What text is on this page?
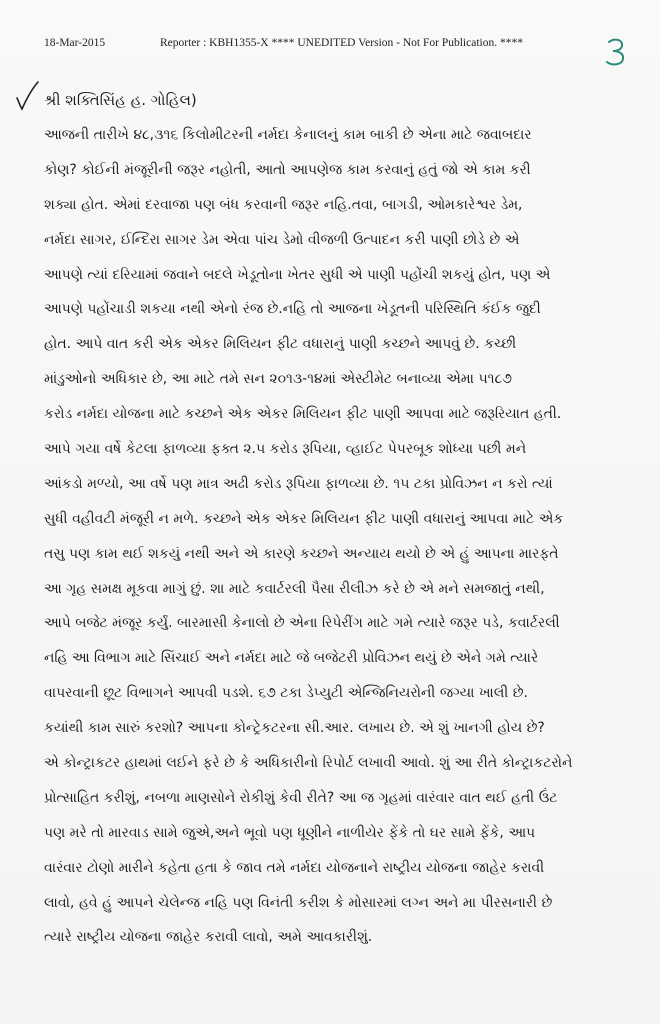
18-Mar-2015	Reporter : KBH1355-X **** UNEDITED Version - Not For Publication. ****
શ્રી શક્તિસિંહ હ. ગોહિલ)
આજની તારીખે ૪૮,૩૧૬ કિલોમીટરની નર્મદા કેનાલનું કામ બાકી છે એના માટે જવાબદાર
કોણ? કોઈની મંજૂરીની જરૂર નહોતી, આતો આપણેજ કામ કરવાનું હતું જો એ કામ કરી
શક્યા હોત. એમાં દરવાજા પણ બંધ કરવાની જરૂર નહિ.તવા, બાગડી, ઓમકારેશ્વર ડેમ,
નર્મદા સાગર, ઈન્દિરા સાગર ડેમ એવા પાંચ ડેમો વીજળી ઉત્પાદન કરી પાણી છોડે છે એ
આપણે ત્યાં દરિયામાં જવાને બદલે ખેડૂતોના ખેતર સુધી એ પાણી પહોંચી શકયું હોત, પણ એ
આપણે પહોંચાડી શકયા નથી એનો રંજ છે.નહિ તો આજના ખેડૂતની પરિસ્થિતિ કંઈક જુદી
હોત. આપે વાત કરી એક એકર મિલિયન ફીટ વધારાનું પાણી કચ્છને આપવું છે. કચ્છી
માંડુઓનો અધિકાર છે, આ માટે તમે સન ૨૦૧૩-૧૪માં એસ્ટીમેટ બનાવ્યા એમા ૫૧૮૭
કરોડ નર્મદા યોજના માટે કચ્છને એક એકર મિલિયન ફીટ પાણી આપવા માટે જરૂરિયાત હતી.
આપે ગયા વર્ષે કેટલા ફાળવ્યા ફક્ત ૨.૫ કરોડ રૂપિયા, વ્હાઈટ પેપરબૂક શોધ્યા પછી મને
આંકડો મળ્યો, આ વર્ષે પણ માત્ર અઢી કરોડ રૂપિયા ફાળવ્યા છે. ૧૫ ટકા પ્રોવિઝન ન કરો ત્યાં
સુધી વહીવટી મંજૂરી ન મળે. કચ્છને એક એકર મિલિયન ફીટ પાણી વધારાનું આપવા માટે એક
તસુ પણ કામ થઈ શકયું નથી અને એ કારણે કચ્છને અન્યાય થયો છે એ હું આપના મારફતે
આ ગૃહ સમક્ષ મૂકવા માગું છું. શા માટે કવાર્ટરલી પૈસા રીલીઝ કરે છે એ મને સમજાતું નથી,
આપે બજેટ મંજૂર કર્યું. બારમાસી કેનાલો છે એના રિપેરીંગ માટે ગમે ત્યારે જરૂર પડે, કવાર્ટરલી
નહિ આ વિભાગ માટે સિંચાઈ અને નર્મદા માટે જે બજેટરી પ્રોવિઝન થયું છે એને ગમે ત્યારે
વાપરવાની છૂટ વિભાગને આપવી પડશે. ૬૭ ટકા ડેપ્યુટી એન્જિનિયરોની જગ્યા ખાલી છે.
કયાંથી કામ સારું કરશો? આપના કોન્ટ્રેકટરના સી.આર. લખાય છે. એ શું ખાનગી હોય છે?
એ કોન્ટ્રાકટર હાથમાં લઈને ફરે છે કે અધિકારીનો રિપોર્ટ લખાવી આવો. શું આ રીતે કોન્ટ્રાકટરોને
પ્રોત્સાહિત કરીશું, નબળા માણસોને રોકીશું કેવી રીતે? આ જ ગૃહમાં વારંવાર વાત થઈ હતી ઉંટ
પણ મરે તો મારવાડ સામે જુએ,અને ભૂવો પણ ધૂણીને નાળીયેર ફેંકે તો ઘર સામે ફેંકે, આપ
વારંવાર ટોણો મારીને કહેતા હતા કે જાવ તમે નર્મદા યોજનાને રાષ્ટ્રીય યોજના જાહેર કરાવી
લાવો, હવે હું આપને ચેલેન્જ નહિ પણ વિનંતી કરીશ કે મોસારમાં લગ્ન અને મા પીરસનારી છે
ત્યારે રાષ્ટ્રીય યોજના જાહેર કરાવી લાવો, અમે આવકારીશું.
